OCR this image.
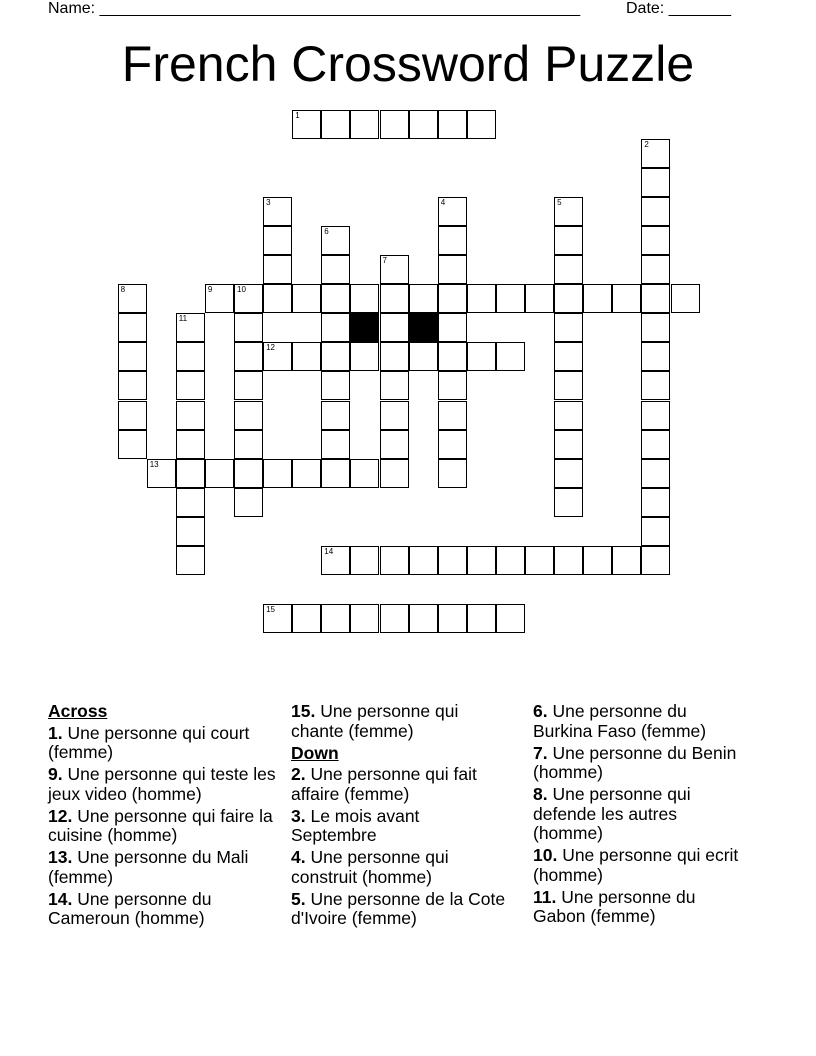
Name: ______________________________________________________	Date: _______
French Crossword Puzzle
1
2
3	4	5
6
7
8	9	10
11
12
13
14
15
Across
1. Une personne qui court (femme)
9. Une personne qui teste les jeux video (homme)
12. Une personne qui faire la cuisine (homme)
13. Une personne du Mali (femme)
14. Une personne du Cameroun (homme)
15. Une personne qui chante (femme)
Down
2. Une personne qui fait affaire (femme)
3. Le mois avant Septembre
4. Une personne qui construit (homme)
5. Une personne de la Cote d'Ivoire (femme)
6. Une personne du Burkina Faso (femme)
7. Une personne du Benin (homme)
8. Une personne qui defende les autres (homme)
10. Une personne qui ecrit (homme)
11. Une personne du Gabon (femme)
